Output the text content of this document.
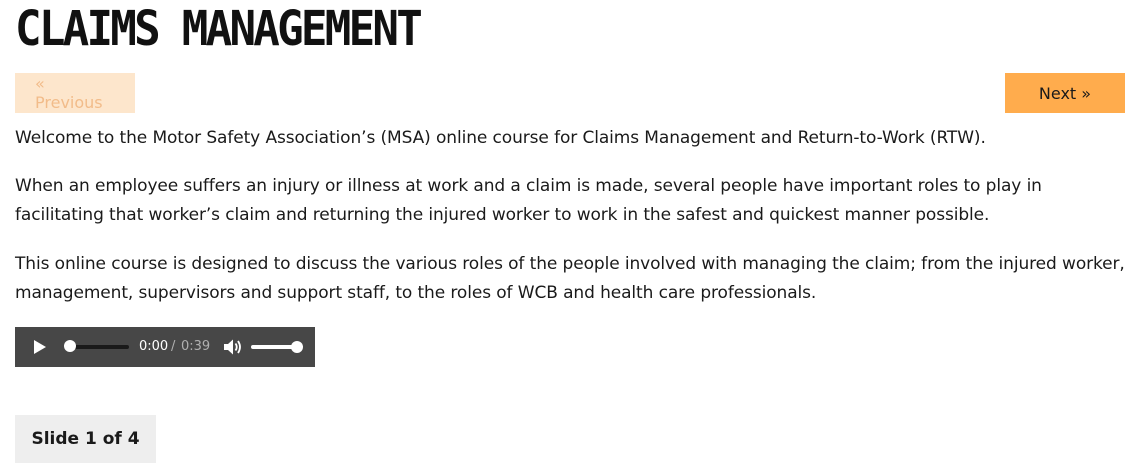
CLAIMS MANAGEMENT
« Previous	Next »

Welcome to the Motor Safety Association’s (MSA) online course for Claims Management and Return-to-Work (RTW).

When an employee suffers an injury or illness at work and a claim is made, several people have important roles to play in facilitating that worker’s claim and returning the injured worker to work in the safest and quickest manner possible.

This online course is designed to discuss the various roles of the people involved with managing the claim; from the injured worker, management, supervisors and support staff, to the roles of WCB and health care professionals.

0:00 / 0:39
Slide 1 of 4
